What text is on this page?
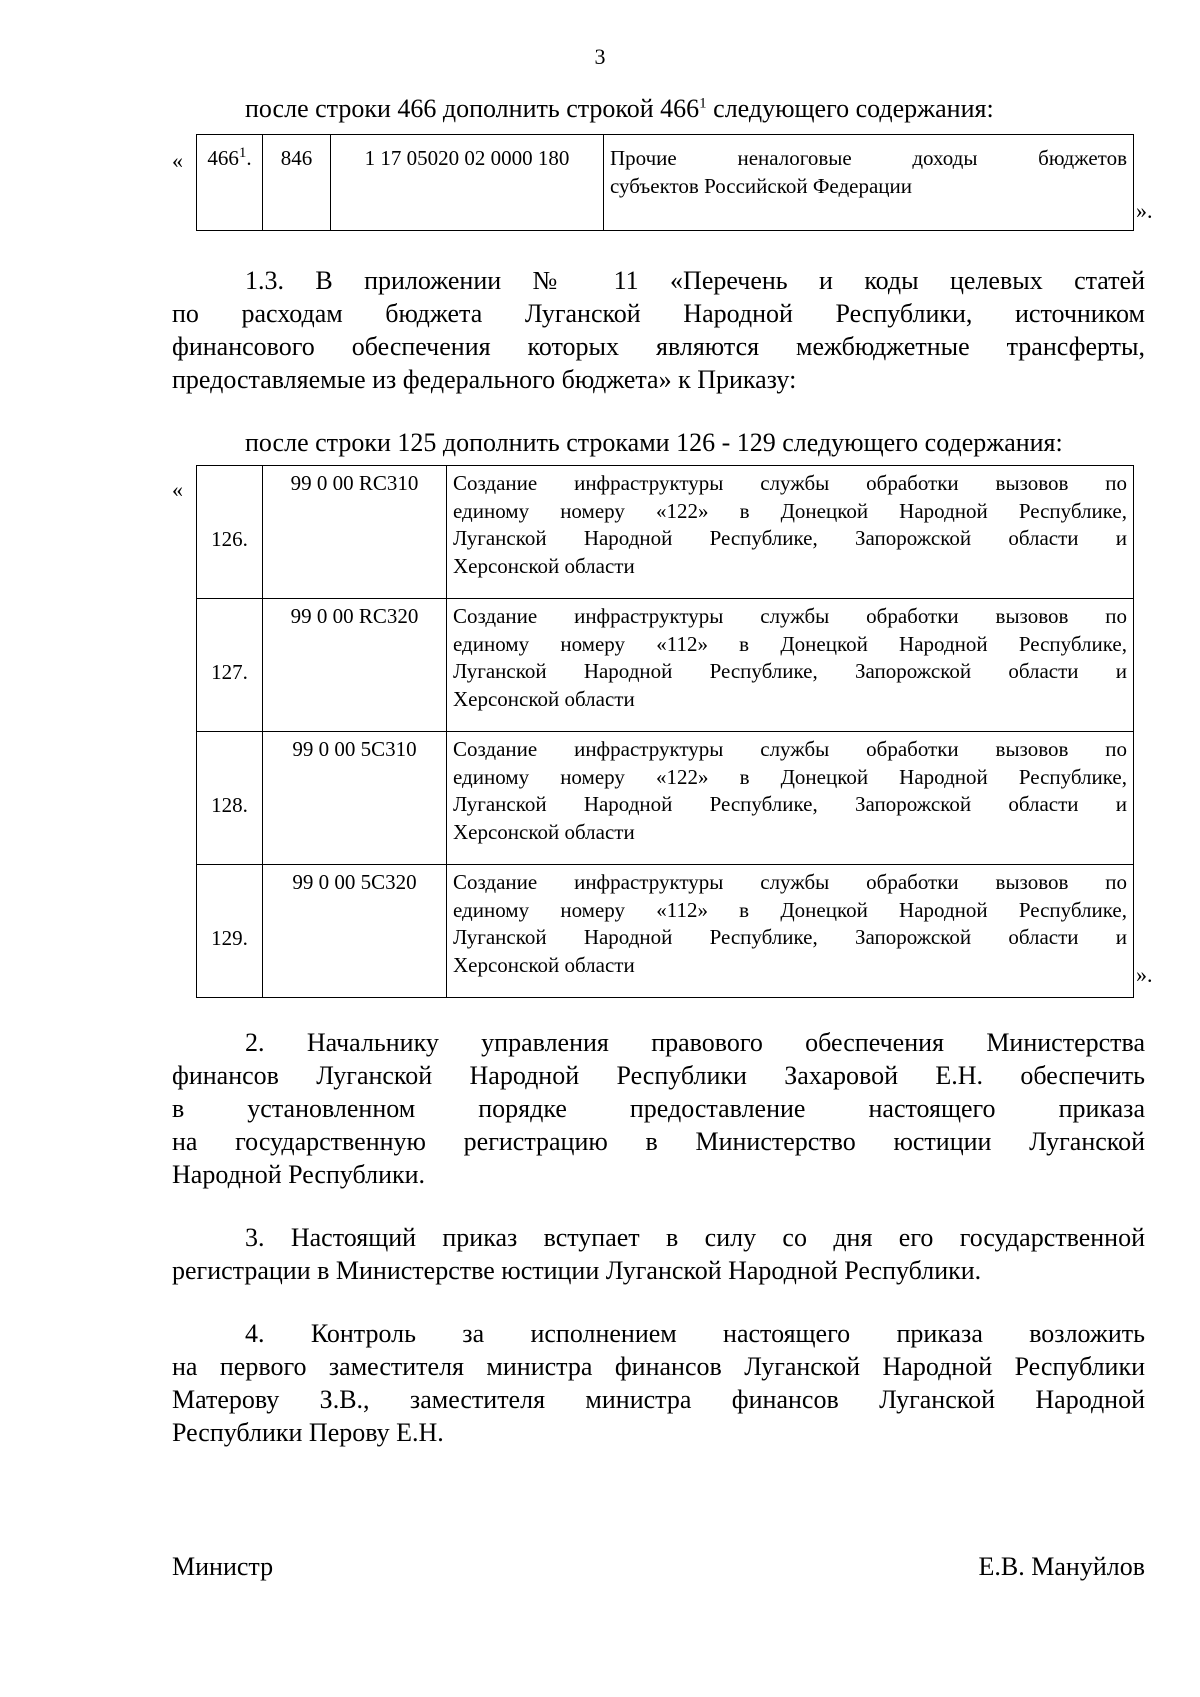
3
после строки 466 дополнить строкой $466^1$ следующего содержания:
« $466^1$.	846	1 17 05020 02 0000 180	Прочие неналоговые доходы бюджетов
субъектов Российской Федерации
».
1.3. В приложении № 11 «Перечень и коды целевых статей
по расходам бюджета Луганской Народной Республики, источником
финансового обеспечения которых являются межбюджетные трансферты,
предоставляемые из федерального бюджета» к Приказу:
после строки 125 дополнить строками 126 - 129 следующего содержания:
«
126.	99 0 00 RC310	Создание инфраструктуры службы обработки вызовов по
единому номеру «122» в Донецкой Народной Республике,
Луганской Народной Республике, Запорожской области и
Херсонской области

127.	99 0 00 RC320	Создание инфраструктуры службы обработки вызовов по
единому номеру «112» в Донецкой Народной Республике,
Луганской Народной Республике, Запорожской области и
Херсонской области

128.	99 0 00 5C310	Создание инфраструктуры службы обработки вызовов по
единому номеру «122» в Донецкой Народной Республике,
Луганской Народной Республике, Запорожской области и
Херсонской области

129.	99 0 00 5C320	Создание инфраструктуры службы обработки вызовов по
единому номеру «112» в Донецкой Народной Республике,
Луганской Народной Республике, Запорожской области и
Херсонской области	».
2. Начальнику управления правового обеспечения Министерства
финансов Луганской Народной Республики Захаровой Е.Н. обеспечить
в установленном порядке предоставление настоящего приказа
на государственную регистрацию в Министерство юстиции Луганской
Народной Республики.
3. Настоящий приказ вступает в силу со дня его государственной
регистрации в Министерстве юстиции Луганской Народной Республики.
4. Контроль за исполнением настоящего приказа возложить
на первого заместителя министра финансов Луганской Народной Республики
Матерову З.В., заместителя министра финансов Луганской Народной
Республики Перову Е.Н.
Министр	Е.В. Мануйлов
